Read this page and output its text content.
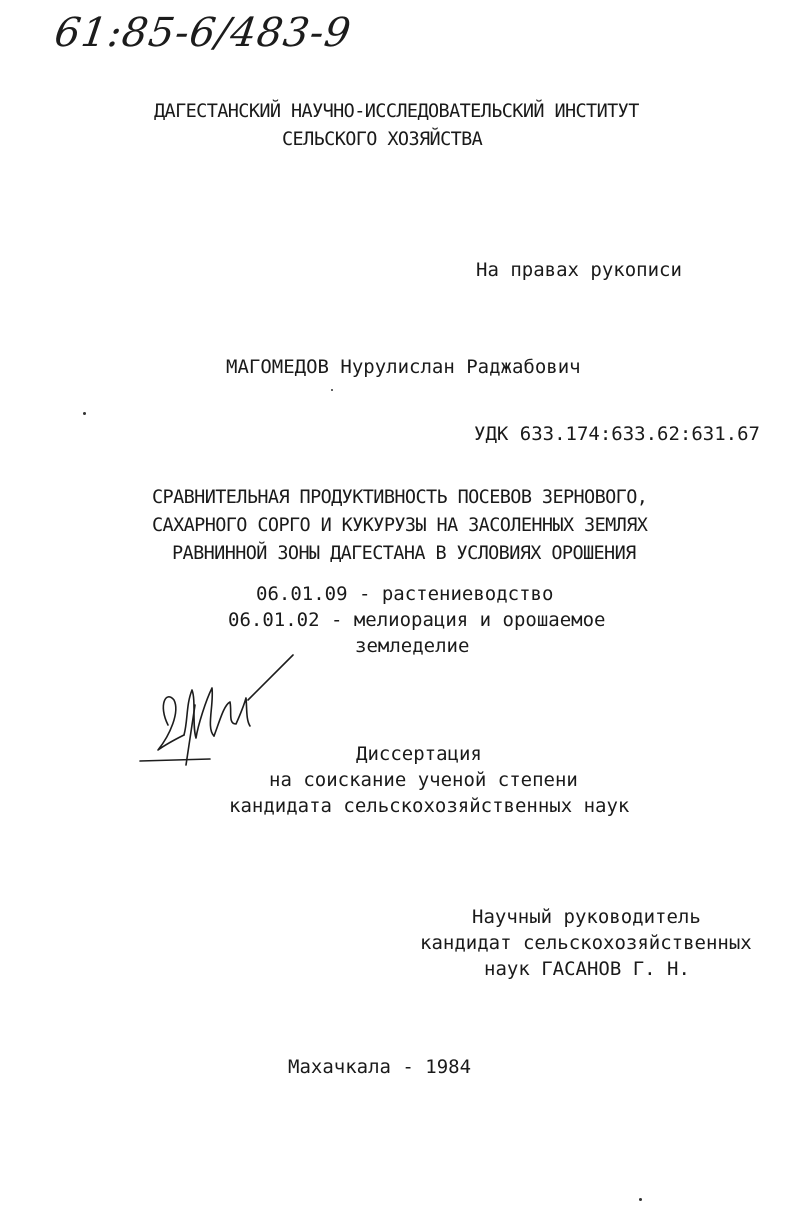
61:85-6/483-9
ДАГЕСТАНСКИЙ НАУЧНО-ИССЛЕДОВАТЕЛЬСКИЙ ИНСТИТУТ
СЕЛЬСКОГО ХОЗЯЙСТВА
На правах рукописи
МАГОМЕДОВ Нурулислан Раджабович
УДК 633.174:633.62:631.67
СРАВНИТЕЛЬНАЯ ПРОДУКТИВНОСТЬ ПОСЕВОВ ЗЕРНОВОГО,
САХАРНОГО СОРГО И КУКУРУЗЫ НА ЗАСОЛЕННЫХ ЗЕМЛЯХ
РАВНИННОЙ ЗОНЫ ДАГЕСТАНА В УСЛОВИЯХ ОРОШЕНИЯ
06.01.09 - растениеводство
06.01.02 - мелиорация и орошаемое
земледелие
Диссертация
на соискание ученой степени
кандидата сельскохозяйственных наук
Научный руководитель
кандидат сельскохозяйственных
наук ГАСАНОВ Г. Н.
Махачкала - 1984
